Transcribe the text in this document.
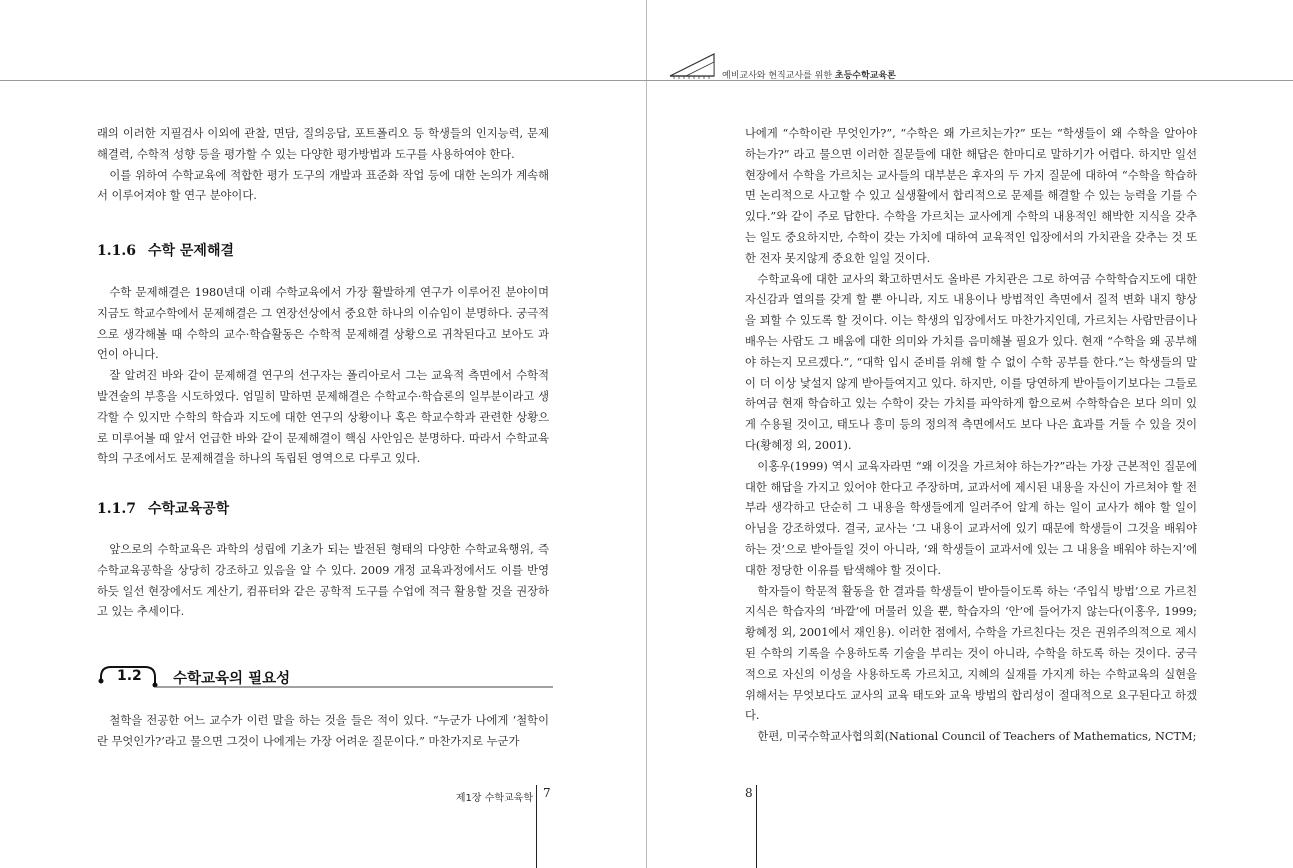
예비교사와 현직교사를 위한 초등수학교육론

래의 이러한 지필검사 이외에 관찰, 면담, 질의응답, 포트폴리오 등 학생들의 인지능력, 문제해결력, 수학적 성향 등을 평가할 수 있는 다양한 평가방법과 도구를 사용하여야 한다.

이를 위하여 수학교육에 적합한 평가 도구의 개발과 표준화 작업 등에 대한 논의가 계속해서 이루어져야 할 연구 분야이다.

1.1.6 수학 문제해결

수학 문제해결은 1980년대 이래 수학교육에서 가장 활발하게 연구가 이루어진 분야이며 지금도 학교수학에서 문제해결은 그 연장선상에서 중요한 하나의 이슈임이 분명하다. 궁극적으로 생각해볼 때 수학의 교수·학습활동은 수학적 문제해결 상황으로 귀착된다고 보아도 과언이 아니다.

잘 알려진 바와 같이 문제해결 연구의 선구자는 폴리아로서 그는 교육적 측면에서 수학적 발견술의 부흥을 시도하였다. 엄밀히 말하면 문제해결은 수학교수·학습론의 일부분이라고 생각할 수 있지만 수학의 학습과 지도에 대한 연구의 상황이나 혹은 학교수학과 관련한 상황으로 미루어볼 때 앞서 언급한 바와 같이 문제해결이 핵심 사안임은 분명하다. 따라서 수학교육학의 구조에서도 문제해결을 하나의 독립된 영역으로 다루고 있다.

1.1.7 수학교육공학

앞으로의 수학교육은 과학의 성립에 기초가 되는 발전된 형태의 다양한 수학교육행위, 즉 수학교육공학을 상당히 강조하고 있음을 알 수 있다. 2009 개정 교육과정에서도 이를 반영하듯 일선 현장에서도 계산기, 컴퓨터와 같은 공학적 도구를 수업에 적극 활용할 것을 권장하고 있는 추세이다.

1.2 수학교육의 필요성

철학을 전공한 어느 교수가 이런 말을 하는 것을 들은 적이 있다. “누군가 나에게 ‘철학이란 무엇인가?’라고 물으면 그것이 나에게는 가장 어려운 질문이다.” 마찬가지로 누군가

제1장 수학교육학 7

나에게 “수학이란 무엇인가?”, “수학은 왜 가르치는가?” 또는 “학생들이 왜 수학을 알아야 하는가?” 라고 물으면 이러한 질문들에 대한 해답은 한마디로 말하기가 어렵다. 하지만 일선 현장에서 수학을 가르치는 교사들의 대부분은 후자의 두 가지 질문에 대하여 “수학을 학습하면 논리적으로 사고할 수 있고 실생활에서 합리적으로 문제를 해결할 수 있는 능력을 기를 수 있다.”와 같이 주로 답한다. 수학을 가르치는 교사에게 수학의 내용적인 해박한 지식을 갖추는 일도 중요하지만, 수학이 갖는 가치에 대하여 교육적인 입장에서의 가치관을 갖추는 것 또한 전자 못지않게 중요한 일일 것이다.

수학교육에 대한 교사의 확고하면서도 올바른 가치관은 그로 하여금 수학학습지도에 대한 자신감과 열의를 갖게 할 뿐 아니라, 지도 내용이나 방법적인 측면에서 질적 변화 내지 향상을 꾀할 수 있도록 할 것이다. 이는 학생의 입장에서도 마찬가지인데, 가르치는 사람만큼이나 배우는 사람도 그 배움에 대한 의미와 가치를 음미해볼 필요가 있다. 현재 “수학을 왜 공부해야 하는지 모르겠다.”, “대학 입시 준비를 위해 할 수 없이 수학 공부를 한다.”는 학생들의 말이 더 이상 낯설지 않게 받아들여지고 있다. 하지만, 이를 당연하게 받아들이기보다는 그들로 하여금 현재 학습하고 있는 수학이 갖는 가치를 파악하게 함으로써 수학학습은 보다 의미 있게 수용될 것이고, 태도나 흥미 등의 정의적 측면에서도 보다 나은 효과를 거둘 수 있을 것이다(황혜정 외, 2001).

이홍우(1999) 역시 교육자라면 “왜 이것을 가르쳐야 하는가?”라는 가장 근본적인 질문에 대한 해답을 가지고 있어야 한다고 주장하며, 교과서에 제시된 내용을 자신이 가르쳐야 할 전부라 생각하고 단순히 그 내용을 학생들에게 일러주어 알게 하는 일이 교사가 해야 할 일이 아님을 강조하였다. 결국, 교사는 ‘그 내용이 교과서에 있기 때문에 학생들이 그것을 배워야 하는 것’으로 받아들일 것이 아니라, ‘왜 학생들이 교과서에 있는 그 내용을 배워야 하는지’에 대한 정당한 이유를 탐색해야 할 것이다.

학자들이 학문적 활동을 한 결과를 학생들이 받아들이도록 하는 ‘주입식 방법’으로 가르친 지식은 학습자의 ‘바깥’에 머물러 있을 뿐, 학습자의 ‘안’에 들어가지 않는다(이홍우, 1999; 황혜정 외, 2001에서 재인용). 이러한 점에서, 수학을 가르친다는 것은 권위주의적으로 제시된 수학의 기록을 수용하도록 기술을 부리는 것이 아니라, 수학을 하도록 하는 것이다. 궁극적으로 자신의 이성을 사용하도록 가르치고, 지혜의 실재를 가지게 하는 수학교육의 실현을 위해서는 무엇보다도 교사의 교육 태도와 교육 방법의 합리성이 절대적으로 요구된다고 하겠다.

한편, 미국수학교사협의회(National Council of Teachers of Mathematics, NCTM;

8
